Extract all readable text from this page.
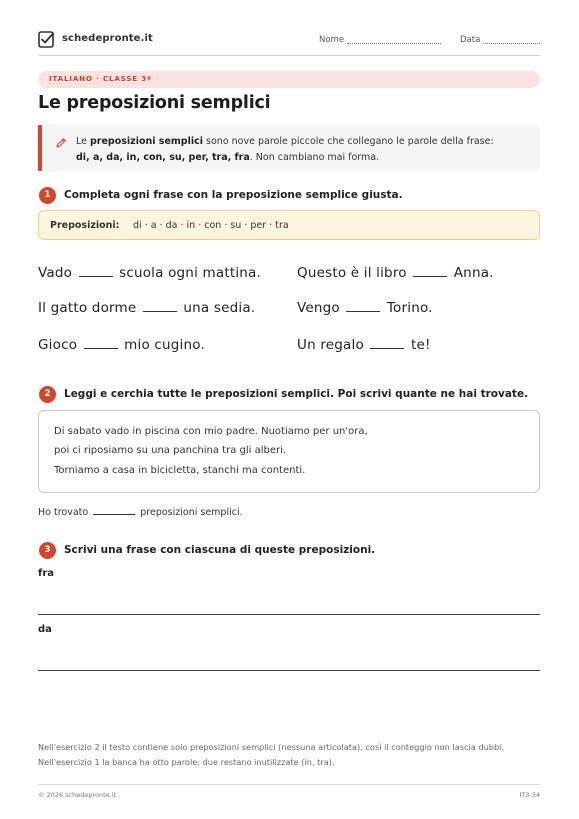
schedepronte.it	Nome	Data
ITALIANO · CLASSE 3ª
Le preposizioni semplici
Le preposizioni semplici sono nove parole piccole che collegano le parole della frase:
di, a, da, in, con, su, per, tra, fra. Non cambiano mai forma.
1	Completa ogni frase con la preposizione semplice giusta.
Preposizioni: di · a · da · in · con · su · per · tra
Vado	scuola ogni mattina.	Questo è il libro	Anna.
Il gatto dorme	una sedia.	Vengo	Torino.
Gioco	mio cugino.	Un regalo	te!
2	Leggi e cerchia tutte le preposizioni semplici. Poi scrivi quante ne hai trovate.

Di sabato vado in piscina con mio padre. Nuotiamo per un'ora,

poi ci riposiamo su una panchina tra gli alberi.

Torniamo a casa in bicicletta, stanchi ma contenti.

Ho trovato	preposizioni semplici.
3	Scrivi una frase con ciascuna di queste preposizioni.
fra
da
Nell'esercizio 2 il testo contiene solo preposizioni semplici (nessuna articolata), così il conteggio non lascia dubbi. Nell'esercizio 1 la banca ha otto parole: due restano inutilizzate (in, tra).
© 2026 schedepronte.it	IT3-34
